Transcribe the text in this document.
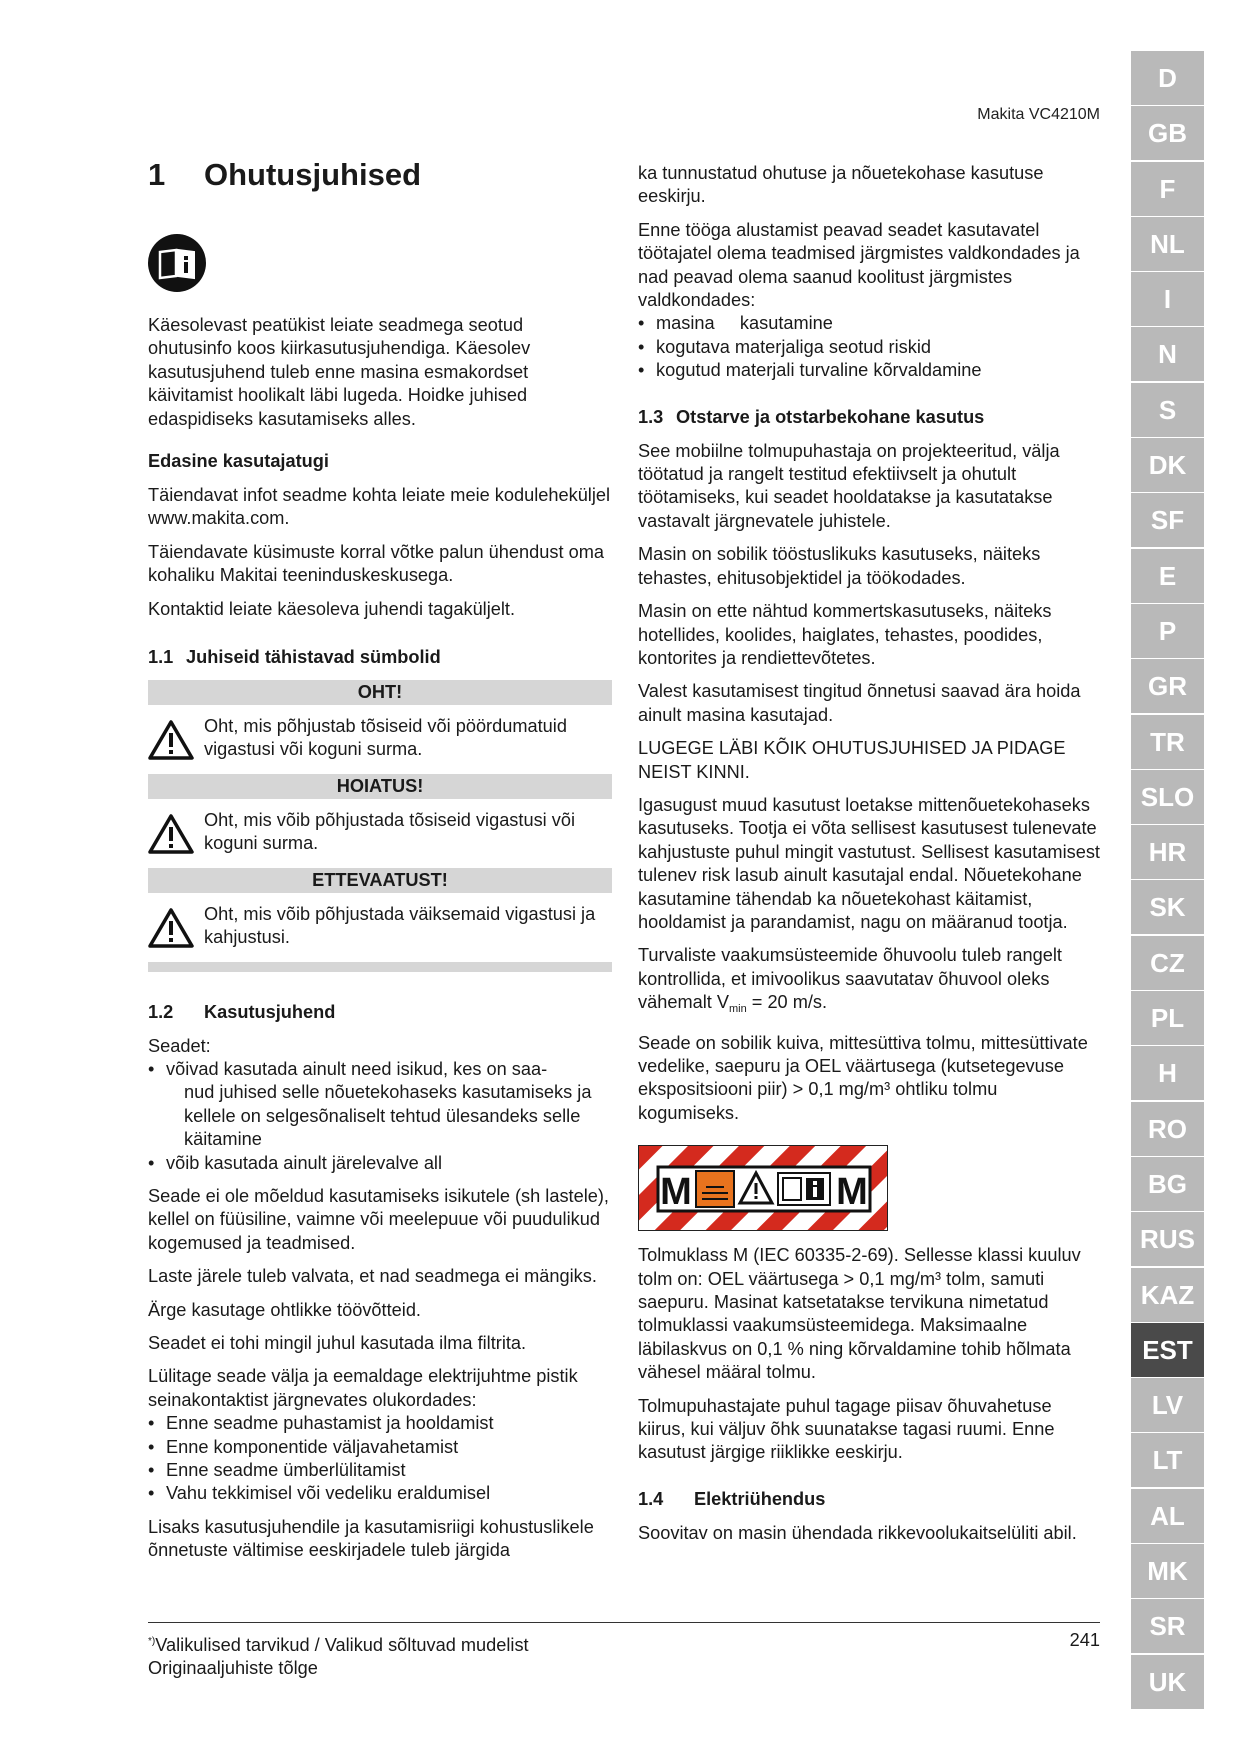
Makita VC4210M
1 Ohutusjuhised

Käesolevast peatükist leiate seadmega seotud ohutusinfo koos kiirkasutusjuhendiga. Käesolev kasutusjuhend tuleb enne masina esmakordset käivitamist hoolikalt läbi lugeda. Hoidke juhised edaspidiseks kasutamiseks alles.

Edasine kasutajatugi

Täiendavat infot seadme kohta leiate meie koduleheküljel www.makita.com.

Täiendavate küsimuste korral võtke palun ühendust oma kohaliku Makitai teeninduskeskusega.

Kontaktid leiate käesoleva juhendi tagaküljelt.

1.1 Juhiseid tähistavad sümbolid
OHT!

Oht, mis põhjustab tõsiseid või pöördumatuid vigastusi või koguni surma.

HOIATUS!

Oht, mis võib põhjustada tõsiseid vigastusi või koguni surma.

ETTEVAATUST!

Oht, mis võib põhjustada väiksemaid vigastusi ja kahjustusi.

1.2 Kasutusjuhend

Seadet:

• võivad kasutada ainult need isikud, kes on saa-
nud juhised selle nõuetekohaseks kasutamiseks ja kellele on selgesõnaliselt tehtud ülesandeks selle käitamine
• võib kasutada ainult järelevalve all

Seade ei ole mõeldud kasutamiseks isikutele (sh lastele), kellel on füüsiline, vaimne või meelepuue või puudulikud kogemused ja teadmised.

Laste järele tuleb valvata, et nad seadmega ei mängiks.

Ärge kasutage ohtlikke töövõtteid.

Seadet ei tohi mingil juhul kasutada ilma filtrita.

Lülitage seade välja ja eemaldage elektrijuhtme pistik seinakontaktist järgnevates olukordades:

• Enne seadme puhastamist ja hooldamist
• Enne komponentide väljavahetamist
• Enne seadme ümberlülitamist
• Vahu tekkimisel või vedeliku eraldumisel

Lisaks kasutusjuhendile ja kasutamisriigi kohustuslikele õnnetuste vältimise eeskirjadele tuleb järgida

ka tunnustatud ohutuse ja nõuetekohase kasutuse eeskirju.

Enne tööga alustamist peavad seadet kasutavatel töötajatel olema teadmised järgmistes valdkondades ja nad peavad olema saanud koolitust järgmistes valdkondades:

• masina     kasutamine
• kogutava materjaliga seotud riskid
• kogutud materjali turvaline kõrvaldamine
1.3 Otstarve ja otstarbekohane kasutus

See mobiilne tolmupuhastaja on projekteeritud, välja töötatud ja rangelt testitud efektiivselt ja ohutult töötamiseks, kui seadet hooldatakse ja kasutatakse vastavalt järgnevatele juhistele.

Masin on sobilik tööstuslikuks kasutuseks, näiteks tehastes, ehitusobjektidel ja töökodades.

Masin on ette nähtud kommertskasutuseks, näiteks hotellides, koolides, haiglates, tehastes, poodides, kontorites ja rendiettevõtetes.

Valest kasutamisest tingitud õnnetusi saavad ära hoida ainult masina kasutajad.

LUGEGE LÄBI KÕIK OHUTUSJUHISED JA PIDAGE NEIST KINNI.

Igasugust muud kasutust loetakse mittenõuetekohaseks kasutuseks. Tootja ei võta sellisest kasutusest tulenevate kahjustuste puhul mingit vastutust. Sellisest kasutamisest tulenev risk lasub ainult kasutajal endal. Nõuetekohane kasutamine tähendab ka nõuetekohast käitamist, hooldamist ja parandamist, nagu on määranud tootja.

Turvaliste vaakumsüsteemide õhuvoolu tuleb rangelt kontrollida, et imivoolikus saavutatav õhuvool oleks vähemalt $V_{min} = 20$ m/s.

Seade on sobilik kuiva, mittesüttiva tolmu, mittesüttivate vedelike, saepuru ja OEL väärtusega (kutsetegevuse ekspositsiooni piir) > 0,1 mg/m³ ohtliku tolmu kogumiseks.

M	M

Tolmuklass M (IEC 60335-2-69). Sellesse klassi kuuluv tolm on: OEL väärtusega > 0,1 mg/m³ tolm, samuti saepuru. Masinat katsetatakse tervikuna nimetatud tolmuklassi vaakumsüsteemidega. Maksimaalne läbilaskvus on 0,1 % ning kõrvaldamine tohib hõlmata vähesel määral tolmu.

Tolmupuhastajate puhul tagage piisav õhuvahetuse kiirus, kui väljuv õhk suunatakse tagasi ruumi. Enne kasutust järgige riiklikke eeskirju.

1.4 Elektriühendus

Soovitav on masin ühendada rikkevoolukaitselüliti abil.

*)Valikulised tarvikud / Valikud sõltuvad mudelist
Originaaljuhiste tõlge
241
D
GB
F
NL
I
N
S
DK
SF
E
P
GR
TR
SLO
HR
SK
CZ
PL
H
RO
BG
RUS
KAZ
EST
LV
LT
AL
MK
SR
UK
